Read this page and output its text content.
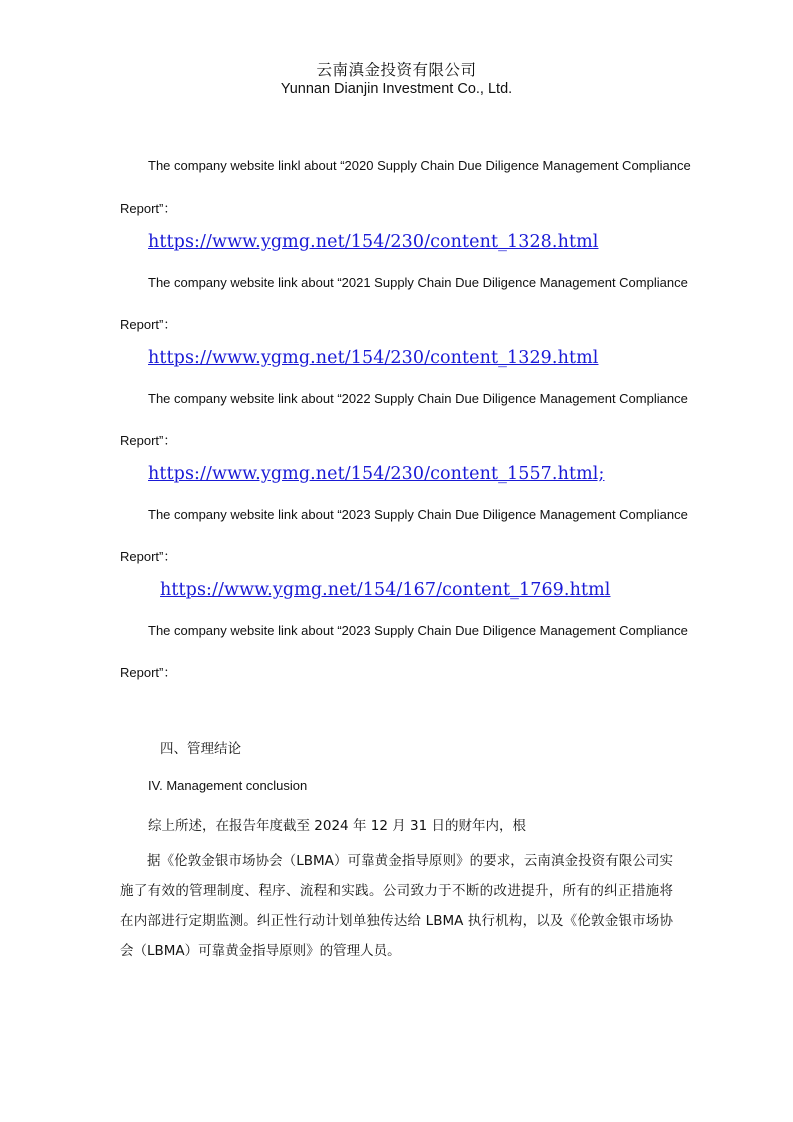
云南滇金投资有限公司
Yunnan Dianjin Investment Co., Ltd.
The company website linkl about “2020 Supply Chain Due Diligence Management Compliance
Report”：
https://www.ygmg.net/154/230/content_1328.html
The company website link about “2021 Supply Chain Due Diligence Management Compliance
Report”：
https://www.ygmg.net/154/230/content_1329.html
The company website link about “2022 Supply Chain Due Diligence Management Compliance
Report”：
https://www.ygmg.net/154/230/content_1557.html;
The company website link about “2023 Supply Chain Due Diligence Management Compliance
Report”：
https://www.ygmg.net/154/167/content_1769.html
The company website link about “2023 Supply Chain Due Diligence Management Compliance
Report”：
四、管理结论
IV. Management conclusion
综上所述，在报告年度截至 2024 年 12 月 31 日的财年内，根
据《伦敦金银市场协会（LBMA）可靠黄金指导原则》的要求，云南滇金投资有限公司实施了有效的管理制度、程序、流程和实践。公司致力于不断的改进提升，所有的纠正措施将在内部进行定期监测。纠正性行动计划单独传达给 LBMA 执行机构，以及《伦敦金银市场协会（LBMA）可靠黄金指导原则》的管理人员。
